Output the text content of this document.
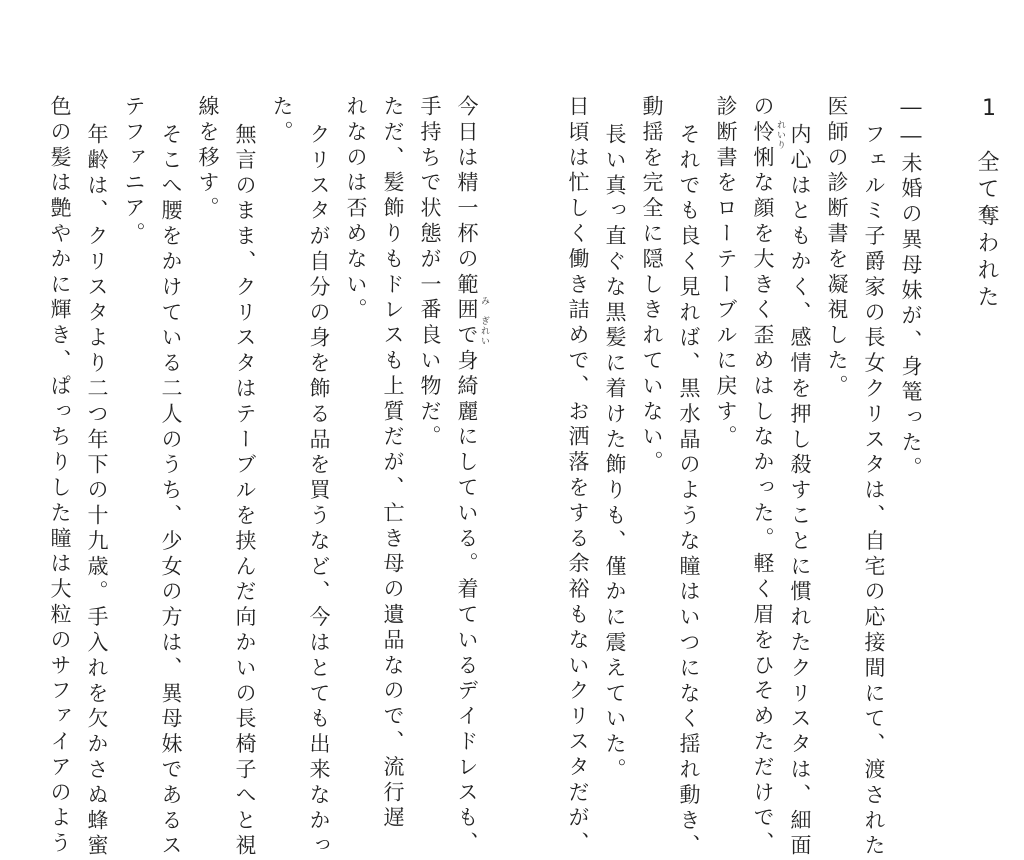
1
全て奪われた
――未婚の異母妹が、身篭った。
フェルミ子爵家の長女クリスタは、自宅の応接間にて、渡された
医師の診断書を凝視した。
内心はともかく、感情を押し殺すことに慣れたクリスタは、細面
の怜悧な顔を大きく歪めはしなかった。軽く眉をひそめただけで、
診断書をローテーブルに戻す。
それでも良く見れば、黒水晶のような瞳はいつになく揺れ動き、
動揺を完全に隠しきれていない。
長い真っ直ぐな黒髪に着けた飾りも、僅かに震えていた。
日頃は忙しく働き詰めで、お洒落をする余裕もないクリスタだが、
今日は精一杯の範囲で身綺麗にしている。着ているデイドレスも、
手持ちで状態が一番良い物だ。
ただ、髪飾りもドレスも上質だが、亡き母の遺品なので、流行遅
れなのは否めない。
クリスタが自分の身を飾る品を買うなど、今はとても出来なかっ
た。
無言のまま、クリスタはテーブルを挟んだ向かいの長椅子へと視
線を移す。
そこへ腰をかけている二人のうち、少女の方は、異母妹であるス
テファニア。
年齢は、クリスタより二つ年下の十九歳。手入れを欠かさぬ蜂蜜
色の髪は艶やかに輝き、ぱっちりした瞳は大粒のサファイアのよう	れいり
み
ぎれい
